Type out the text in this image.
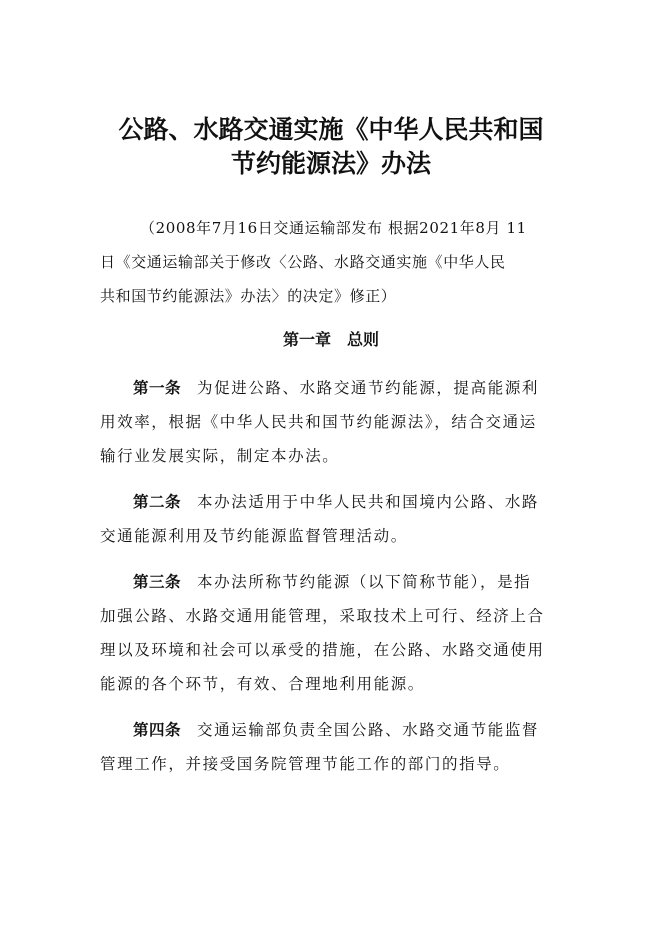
公路、水路交通实施《中华人民共和国
节约能源法》办法
（2008年7月16日交通运输部发布 根据2021年8月 11
日《交通运输部关于修改〈公路、水路交通实施《中华人民
共和国节约能源法》办法〉的决定》修正）
第一章　总则
第一条 为促进公路、水路交通节约能源，提高能源利
用效率，根据《中华人民共和国节约能源法》，结合交通运
输行业发展实际，制定本办法。
第二条 本办法适用于中华人民共和国境内公路、水路
交通能源利用及节约能源监督管理活动。
第三条 本办法所称节约能源（以下简称节能），是指
加强公路、水路交通用能管理，采取技术上可行、经济上合
理以及环境和社会可以承受的措施，在公路、水路交通使用
能源的各个环节，有效、合理地利用能源。
第四条 交通运输部负责全国公路、水路交通节能监督
管理工作，并接受国务院管理节能工作的部门的指导。
